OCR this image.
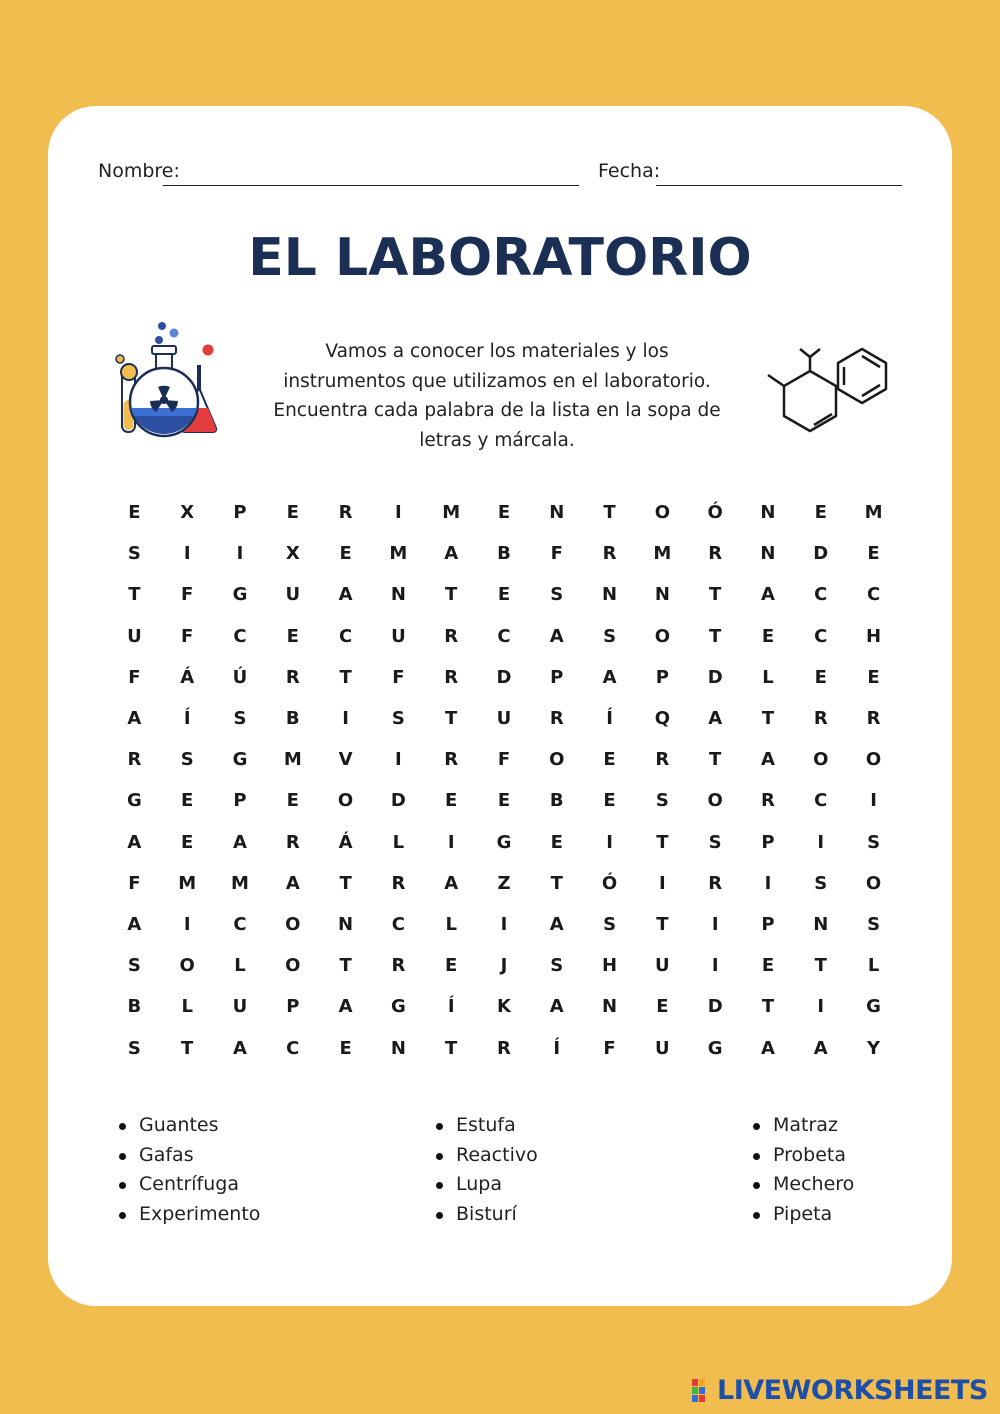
Nombre:	Fecha:
EL LABORATORIO
Vamos a conocer los materiales y los instrumentos que utilizamos en el laboratorio. Encuentra cada palabra de la lista en la sopa de letras y márcala.
E	X	P	E	R	I	M	E	N	T	O	Ó	N	E	M
S	I	I	X	E	M	A	B	F	R	M	R	N	D	E
T	F	G	U	A	N	T	E	S	N	N	T	A	C	C
U	F	C	E	C	U	R	C	A	S	O	T	E	C	H
F	Á	Ú	R	T	F	R	D	P	A	P	D	L	E	E
A	Í	S	B	I	S	T	U	R	Í	Q	A	T	R	R
R	S	G	M	V	I	R	F	O	E	R	T	A	O	O
G	E	P	E	O	D	E	E	B	E	S	O	R	C	I
A	E	A	R	Á	L	I	G	E	I	T	S	P	I	S
F	M	M	A	T	R	A	Z	T	Ó	I	R	I	S	O
A	I	C	O	N	C	L	I	A	S	T	I	P	N	S
S	O	L	O	T	R	E	J	S	H	U	I	E	T	L
B	L	U	P	A	G	Í	K	A	N	E	D	T	I	G
S	T	A	C	E	N	T	R	Í	F	U	G	A	A	Y
Guantes
Gafas
Centrífuga
Experimento
Estufa
Reactivo
Lupa
Bisturí
Matraz
Probeta
Mechero
Pipeta
LIVEWORKSHEETS
